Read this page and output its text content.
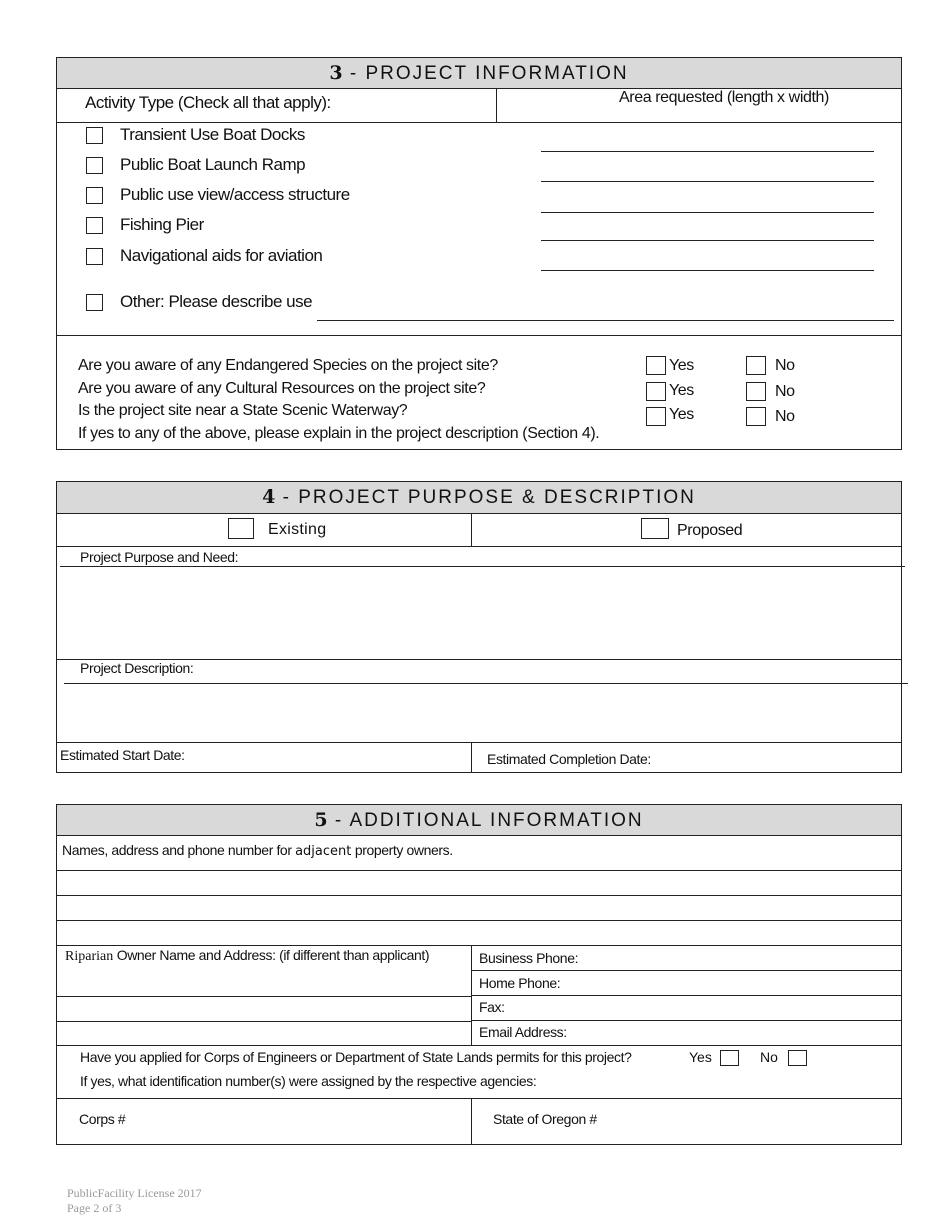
3 - PROJECT INFORMATION
Activity Type (Check all that apply):	Area requested (length x width)
Transient Use Boat Docks
Public Boat Launch Ramp
Public use view/access structure
Fishing Pier
Navigational aids for aviation
Other: Please describe use
Are you aware of any Endangered Species on the project site?	Yes	No
Are you aware of any Cultural Resources on the project site?	Yes	No
Is the project site near a State Scenic Waterway?	Yes	No
If yes to any of the above, please explain in the project description (Section 4).
4 - PROJECT PURPOSE & DESCRIPTION
Existing	Proposed
Project Purpose and Need:
Project Description:
Estimated Start Date:	Estimated Completion Date:
5 - ADDITIONAL INFORMATION
Names, address and phone number for adjacent property owners.
Riparian Owner Name and Address: (if different than applicant)	Business Phone:
Home Phone:
Fax:
Email Address:
Have you applied for Corps of Engineers or Department of State Lands permits for this project?	Yes	No
If yes, what identification number(s) were assigned by the respective agencies:
Corps #	State of Oregon #
PublicFacility License 2017
Page 2 of 3
